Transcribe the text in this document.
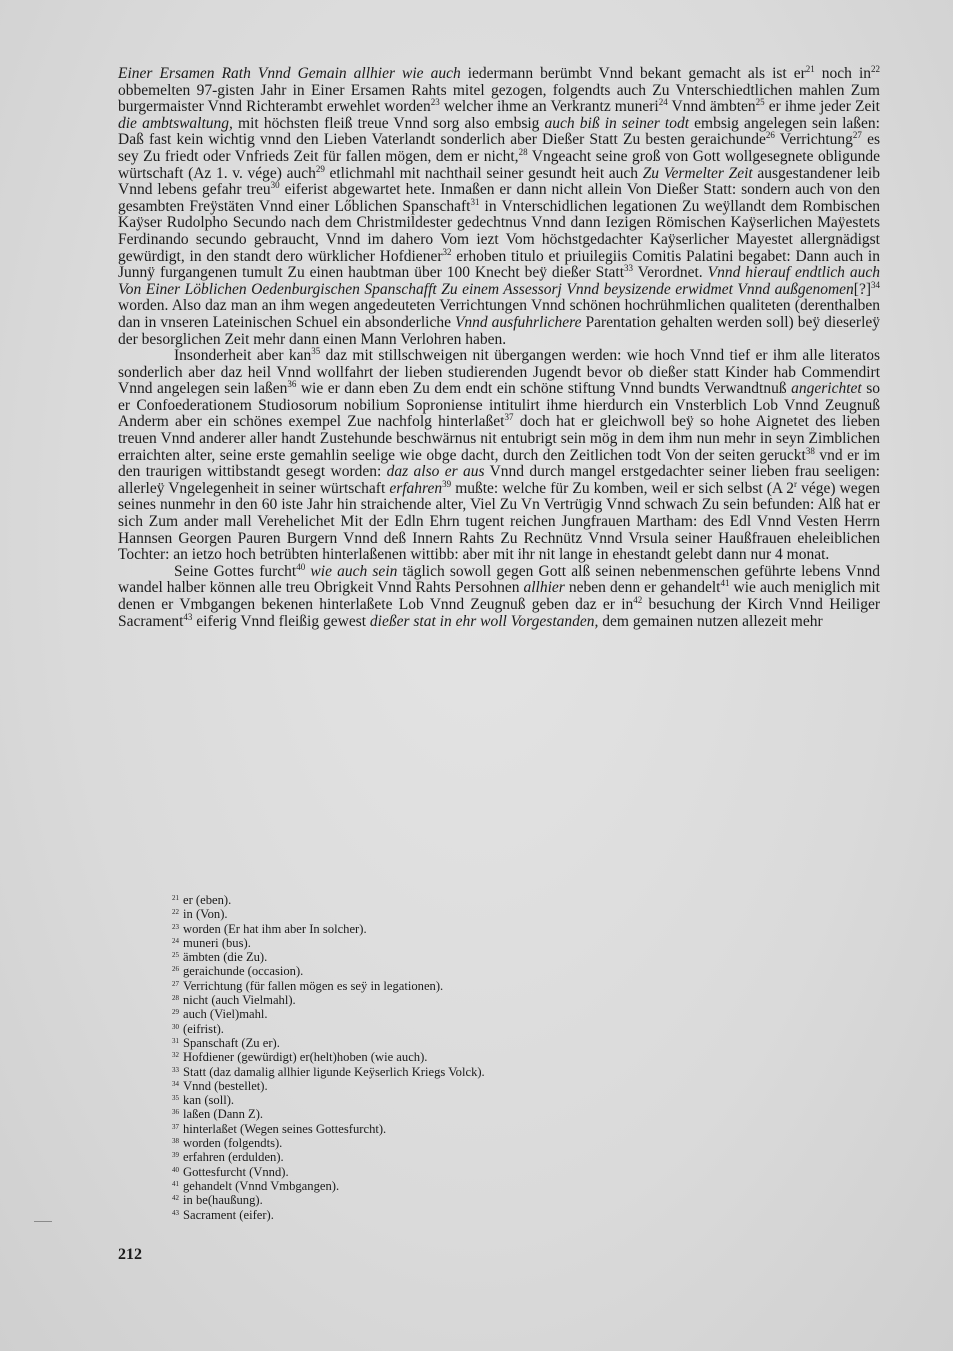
Einer Ersamen Rath Vnnd Gemain allhier wie auch iedermann berümbt Vnnd bekant gemacht als ist $er^{21}$ noch $in^{22}$ obbemelten 97-gisten Jahr in Einer Ersamen Rahts mitel gezogen, folgendts auch Zu Vnterschiedtlichen mahlen Zum burgermaister Vnnd Richterambt erwehlet worden$^{23}$ welcher ihme an Verkrantz muneri$^{24}$ Vnnd ämbten$^{25}$ er ihme jeder Zeit die ambtswaltung, mit höchsten fleiß treue Vnnd sorg also embsig auch biß in seiner todt embsig angelegen sein laßen: Daß fast kein wichtig vnnd den Lieben Vaterlandt sonderlich aber Dießer Statt Zu besten geraichunde$^{26}$ Verrichtung$^{27}$ es sey Zu friedt oder Vnfrieds Zeit für fallen mögen, dem er nicht,$^{28}$ Vngeacht seine groß von Gott wollgesegnete obligunde würtschaft (Az 1. v. vége) auch$^{29}$ etlichmahl mit nachthail seiner gesundt heit auch Zu Vermelter Zeit ausgestandener leib Vnnd lebens gefahr treu$^{30}$ eiferist abgewartet hete. Inmaßen er dann nicht allein Von Dießer Statt: sondern auch von den gesambten Freÿstäten Vnnd einer Lőblichen Spanschaft$^{31}$ in Vnterschidlichen legationen Zu weÿllandt dem Rombischen Kaÿser Rudolpho Secundo nach dem Christmildester gedechtnus Vnnd dann Iezigen Römischen Kaÿserlichen Maÿestets Ferdinando secundo gebraucht, Vnnd im dahero Vom iezt Vom höchstgedachter Kaÿserlicher Mayestet allergnädigst gewürdigt, in den standt dero würklicher Hofdiener$^{32}$ erhoben titulo et priuilegiis Comitis Palatini begabet: Dann auch in Junnÿ furgangenen tumult Zu einen haubtman über 100 Knecht beÿ dießer Statt$^{33}$ Verordnet. Vnnd hierauf endtlich auch Von Einer Löblichen Oedenburgischen Spanschafft Zu einem Assessorj Vnnd beysizende erwidmet Vnnd außgenomen[?]$^{34}$ worden. Also daz man an ihm wegen angedeuteten Verrichtungen Vnnd schönen hochrühmlichen qualiteten (derenthalben dan in vnseren Lateinischen Schuel ein absonderliche Vnnd ausfuhrlichere Parentation gehalten werden soll) beÿ dieserleÿ der besorglichen Zeit mehr dann einen Mann Verlohren haben.

Insonderheit aber kan$^{35}$ daz mit stillschweigen nit übergangen werden: wie hoch Vnnd tief er ihm alle literatos sonderlich aber daz heil Vnnd wollfahrt der lieben studierenden Jugendt bevor ob dießer statt Kinder hab Commendirt Vnnd angelegen sein laßen$^{36}$ wie er dann eben Zu dem endt ein schöne stiftung Vnnd bundts Verwandtnuß angerichtet so er Confoederationem Studiosorum nobilium Sopronienѕe intitulirt ihme hierdurch ein Vnsterblich Lob Vnnd Zeugnuß Anderm aber ein schönes exempel Zue nachfolg hinterlaßet$^{37}$ doch hat er gleichwoll beÿ so hohe Aignetet des lieben treuen Vnnd anderer aller handt Zustehunde beschwärnus nit entubrigt sein mög in dem ihm nun mehr in seyn Zimblichen erraichten alter, seine erste gemahlin seelige wie obge dacht, durch den Zeitlichen todt Von der seiten geruckt$^{38}$ vnd er im den traurigen wittibstandt gesegt worden: daz also er aus Vnnd durch mangel erstgedachter seiner lieben frau seeligen: allerleÿ Vngelegenheit in seiner würtschaft erfahren$^{39}$ mußte: welche für Zu komben, weil er sich selbst (A 2$^r$ vége) wegen seines nunmehr in den 60 iste Jahr hin straichende alter, Viel Zu Vn Vertrügig Vnnd schwach Zu sein befunden: Alß hat er sich Zum ander mall Verehelichet Mit der Edln Ehrn tugent reichen Jungfrauen Martham: des Edl Vnnd Vesten Herrn Hannsen Georgen Pauren Burgern Vnnd deß Innern Rahts Zu Rechnütz Vnnd Vrsula seiner Haußfrauen eheleiblichen Tochter: an ietzo hoch betrübten hinterlaßenen wittibb: aber mit ihr nit lange in ehestandt gelebt dann nur 4 monat.

Seine Gottes furcht$^{40}$ wie auch sein täglich sowoll gegen Gott alß seinen nebenmenschen geführte lebens Vnnd wandel halber können alle treu Obrigkeit Vnnd Rahts Persohnen allhier neben denn er gehandelt$^{41}$ wie auch meniglich mit denen er Vmbgangen bekenen hinterlaßete Lob Vnnd Zeugnuß geben daz er $in^{42}$ besuchung der Kirch Vnnd Heiliger Sacrament$^{43}$ eiferig Vnnd fleißig gewest dießer stat in ehr woll Vorgestanden, dem gemainen nutzen allezeit mehr

21 er (eben).
22 in (Von).
23 worden (Er hat ihm aber In solcher).
24 muneri (bus).
25 ämbten (die Zu).
26 geraichunde (occasion).
27 Verrichtung (für fallen mögen es seÿ in legationen).
28 nicht (auch Vielmahl).
29 auch (Viel)mahl.
30 (eifrist).
31 Spanschaft (Zu er).
32 Hofdiener (gewürdigt) er(helt)hoben (wie auch).
33 Statt (daz damalig allhier ligunde Keÿserlich Kriegs Volck).
34 Vnnd (bestellet).
35 kan (soll).
36 laßen (Dann Z).
37 hinterlaßet (Wegen seines Gottesfurcht).
38 worden (folgendts).
39 erfahren (erdulden).
40 Gottesfurcht (Vnnd).
41 gehandelt (Vnnd Vmbgangen).
42 in be(haußung).
43 Sacrament (eifer).
212
